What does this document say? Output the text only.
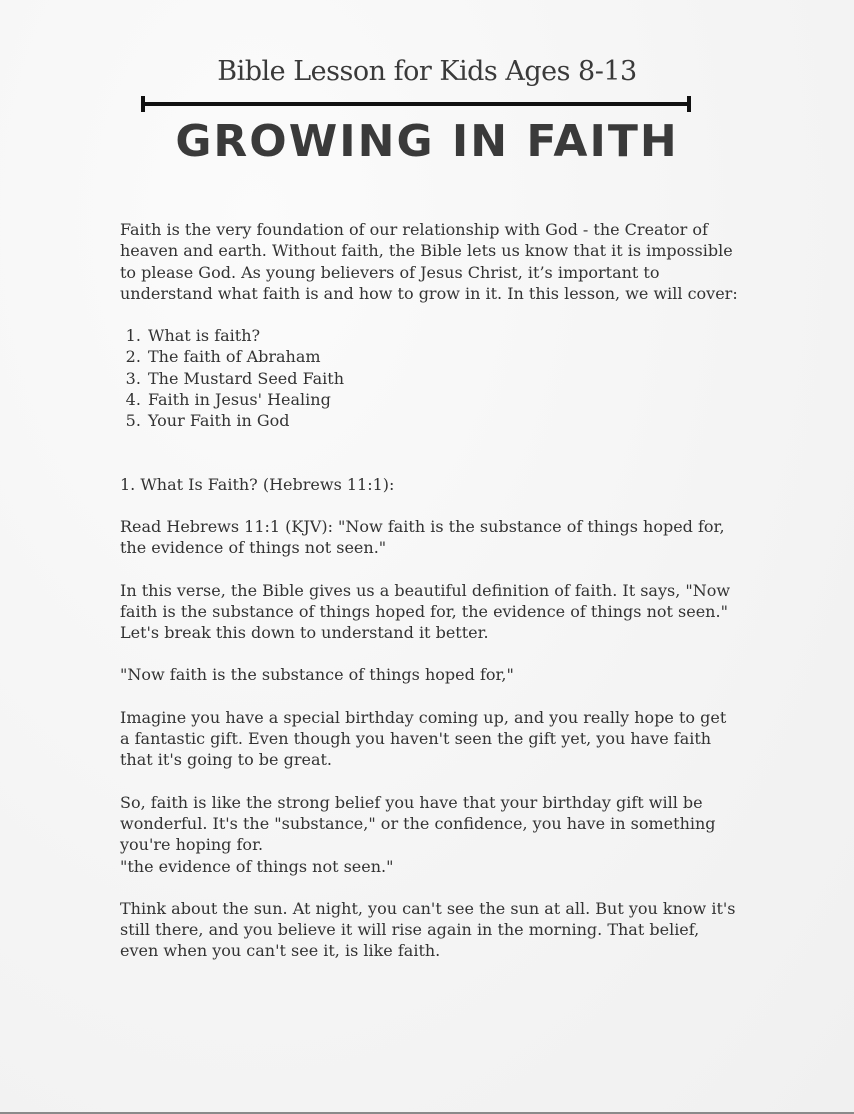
Bible Lesson for Kids Ages 8-13
GROWING IN FAITH

Faith is the very foundation of our relationship with God - the Creator of heaven and earth. Without faith, the Bible lets us know that it is impossible to please God. As young believers of Jesus Christ, it’s important to understand what faith is and how to grow in it. In this lesson, we will cover:

1. What is faith?
2. The faith of Abraham
3. The Mustard Seed Faith
4. Faith in Jesus' Healing
5. Your Faith in God

1. What Is Faith? (Hebrews 11:1):

Read Hebrews 11:1 (KJV): "Now faith is the substance of things hoped for, the evidence of things not seen."

In this verse, the Bible gives us a beautiful definition of faith. It says, "Now faith is the substance of things hoped for, the evidence of things not seen." Let's break this down to understand it better.

"Now faith is the substance of things hoped for,"

Imagine you have a special birthday coming up, and you really hope to get a fantastic gift. Even though you haven't seen the gift yet, you have faith that it's going to be great.

So, faith is like the strong belief you have that your birthday gift will be wonderful. It's the "substance," or the confidence, you have in something you're hoping for.

"the evidence of things not seen."

Think about the sun. At night, you can't see the sun at all. But you know it's still there, and you believe it will rise again in the morning. That belief, even when you can't see it, is like faith.
